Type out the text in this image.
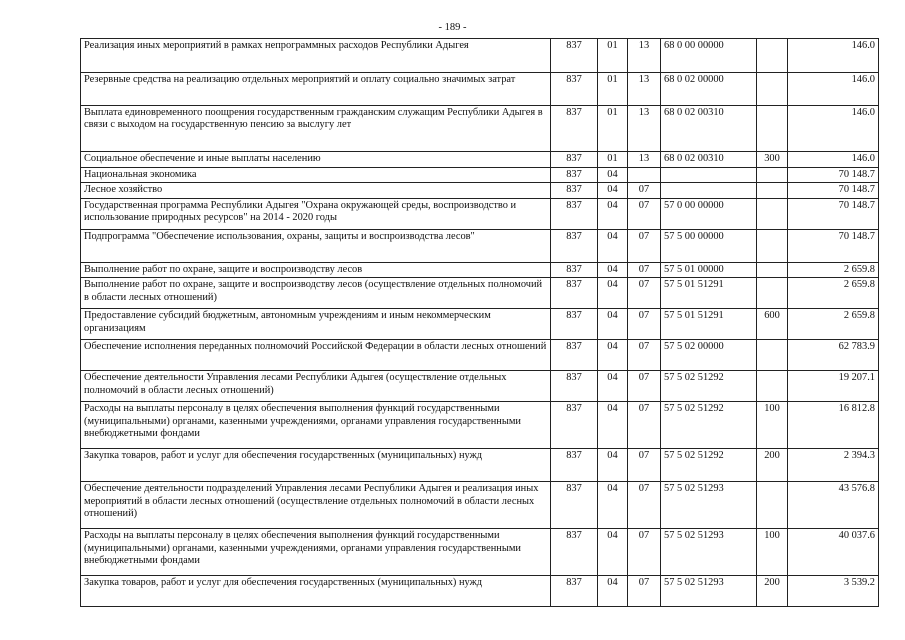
- 189 -
Реализация иных мероприятий в рамках непрограммных расходов Республики Адыгея	837	01	13	68 0 00 00000		146.0
Резервные средства на реализацию отдельных мероприятий и оплату социально значимых затрат	837	01	13	68 0 02 00000		146.0
Выплата единовременного поощрения государственным гражданским служащим Республики Адыгея в связи с выходом на государственную пенсию за выслугу лет	837	01	13	68 0 02 00310		146.0
Социальное обеспечение и иные выплаты населению	837	01	13	68 0 02 00310	300	146.0
Национальная экономика	837	04				70 148.7
Лесное хозяйство	837	04	07			70 148.7
Государственная программа Республики Адыгея "Охрана окружающей среды, воспроизводство и использование природных ресурсов" на 2014 - 2020 годы	837	04	07	57 0 00 00000		70 148.7
Подпрограмма "Обеспечение использования, охраны, защиты и воспроизводства лесов"	837	04	07	57 5 00 00000		70 148.7
Выполнение работ по охране, защите и воспроизводству лесов	837	04	07	57 5 01 00000		2 659.8
Выполнение работ по охране, защите и воспроизводству лесов (осуществление отдельных полномочий в области лесных отношений)	837	04	07	57 5 01 51291		2 659.8
Предоставление субсидий бюджетным, автономным учреждениям и иным некоммерческим организациям	837	04	07	57 5 01 51291	600	2 659.8
Обеспечение исполнения переданных полномочий Российской Федерации в области лесных отношений	837	04	07	57 5 02 00000		62 783.9
Обеспечение деятельности Управления лесами Республики Адыгея (осуществление отдельных полномочий в области лесных отношений)	837	04	07	57 5 02 51292		19 207.1
Расходы на выплаты персоналу в целях обеспечения выполнения функций государственными (муниципальными) органами, казенными учреждениями, органами управления государственными внебюджетными фондами	837	04	07	57 5 02 51292	100	16 812.8
Закупка товаров, работ и услуг для обеспечения государственных (муниципальных) нужд	837	04	07	57 5 02 51292	200	2 394.3
Обеспечение деятельности подразделений Управления лесами Республики Адыгея и реализация иных мероприятий в области лесных отношений (осуществление отдельных полномочий в области лесных отношений)	837	04	07	57 5 02 51293		43 576.8
Расходы на выплаты персоналу в целях обеспечения выполнения функций государственными (муниципальными) органами, казенными учреждениями, органами управления государственными внебюджетными фондами	837	04	07	57 5 02 51293	100	40 037.6
Закупка товаров, работ и услуг для обеспечения государственных (муниципальных) нужд	837	04	07	57 5 02 51293	200	3 539.2
